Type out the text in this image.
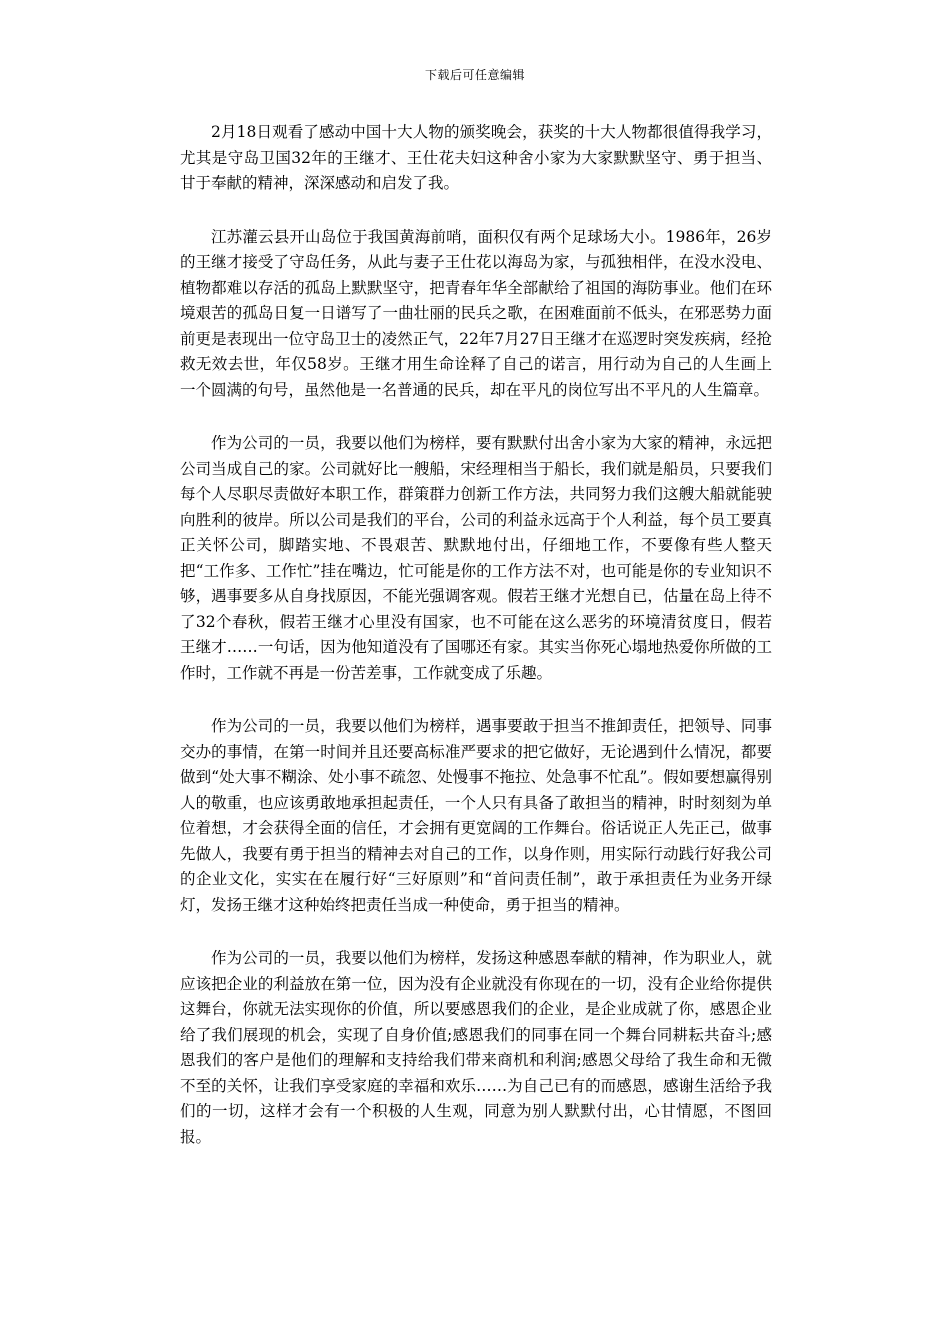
下载后可任意编辑

2月18日观看了感动中国十大人物的颁奖晚会，获奖的十大人物都很值得我学习，尤其是守岛卫国32年的王继才、王仕花夫妇这种舍小家为大家默默坚守、勇于担当、甘于奉献的精神，深深感动和启发了我。

江苏灌云县开山岛位于我国黄海前哨，面积仅有两个足球场大小。1986年，26岁的王继才接受了守岛任务，从此与妻子王仕花以海岛为家，与孤独相伴，在没水没电、植物都难以存活的孤岛上默默坚守，把青春年华全部献给了祖国的海防事业。他们在环境艰苦的孤岛日复一日谱写了一曲壮丽的民兵之歌，在困难面前不低头，在邪恶势力面前更是表现出一位守岛卫士的凌然正气，22年7月27日王继才在巡逻时突发疾病，经抢救无效去世，年仅58岁。王继才用生命诠释了自己的诺言，用行动为自己的人生画上一个圆满的句号，虽然他是一名普通的民兵，却在平凡的岗位写出不平凡的人生篇章。

作为公司的一员，我要以他们为榜样，要有默默付出舍小家为大家的精神，永远把公司当成自己的家。公司就好比一艘船，宋经理相当于船长，我们就是船员，只要我们每个人尽职尽责做好本职工作，群策群力创新工作方法，共同努力我们这艘大船就能驶向胜利的彼岸。所以公司是我们的平台，公司的利益永远高于个人利益，每个员工要真正关怀公司，脚踏实地、不畏艰苦、默默地付出，仔细地工作，不要像有些人整天把“工作多、工作忙”挂在嘴边，忙可能是你的工作方法不对，也可能是你的专业知识不够，遇事要多从自身找原因，不能光强调客观。假若王继才光想自已，估量在岛上待不了32个春秋，假若王继才心里没有国家，也不可能在这么恶劣的环境清贫度日，假若王继才……一句话，因为他知道没有了国哪还有家。其实当你死心塌地热爱你所做的工作时，工作就不再是一份苦差事，工作就变成了乐趣。

作为公司的一员，我要以他们为榜样，遇事要敢于担当不推卸责任，把领导、同事交办的事情，在第一时间并且还要高标准严要求的把它做好，无论遇到什么情况，都要做到“处大事不糊涂、处小事不疏忽、处慢事不拖拉、处急事不忙乱”。假如要想赢得别人的敬重，也应该勇敢地承担起责任，一个人只有具备了敢担当的精神，时时刻刻为单位着想，才会获得全面的信任，才会拥有更宽阔的工作舞台。俗话说正人先正己，做事先做人，我要有勇于担当的精神去对自己的工作，以身作则，用实际行动践行好我公司的企业文化，实实在在履行好“三好原则”和“首问责任制”，敢于承担责任为业务开绿灯，发扬王继才这种始终把责任当成一种使命，勇于担当的精神。

作为公司的一员，我要以他们为榜样，发扬这种感恩奉献的精神，作为职业人，就应该把企业的利益放在第一位，因为没有企业就没有你现在的一切，没有企业给你提供这舞台，你就无法实现你的价值，所以要感恩我们的企业，是企业成就了你，感恩企业给了我们展现的机会，实现了自身价值;感恩我们的同事在同一个舞台同耕耘共奋斗;感恩我们的客户是他们的理解和支持给我们带来商机和利润;感恩父母给了我生命和无微不至的关怀，让我们享受家庭的幸福和欢乐……为自己已有的而感恩，感谢生活给予我们的一切，这样才会有一个积极的人生观，同意为别人默默付出，心甘情愿，不图回报。
